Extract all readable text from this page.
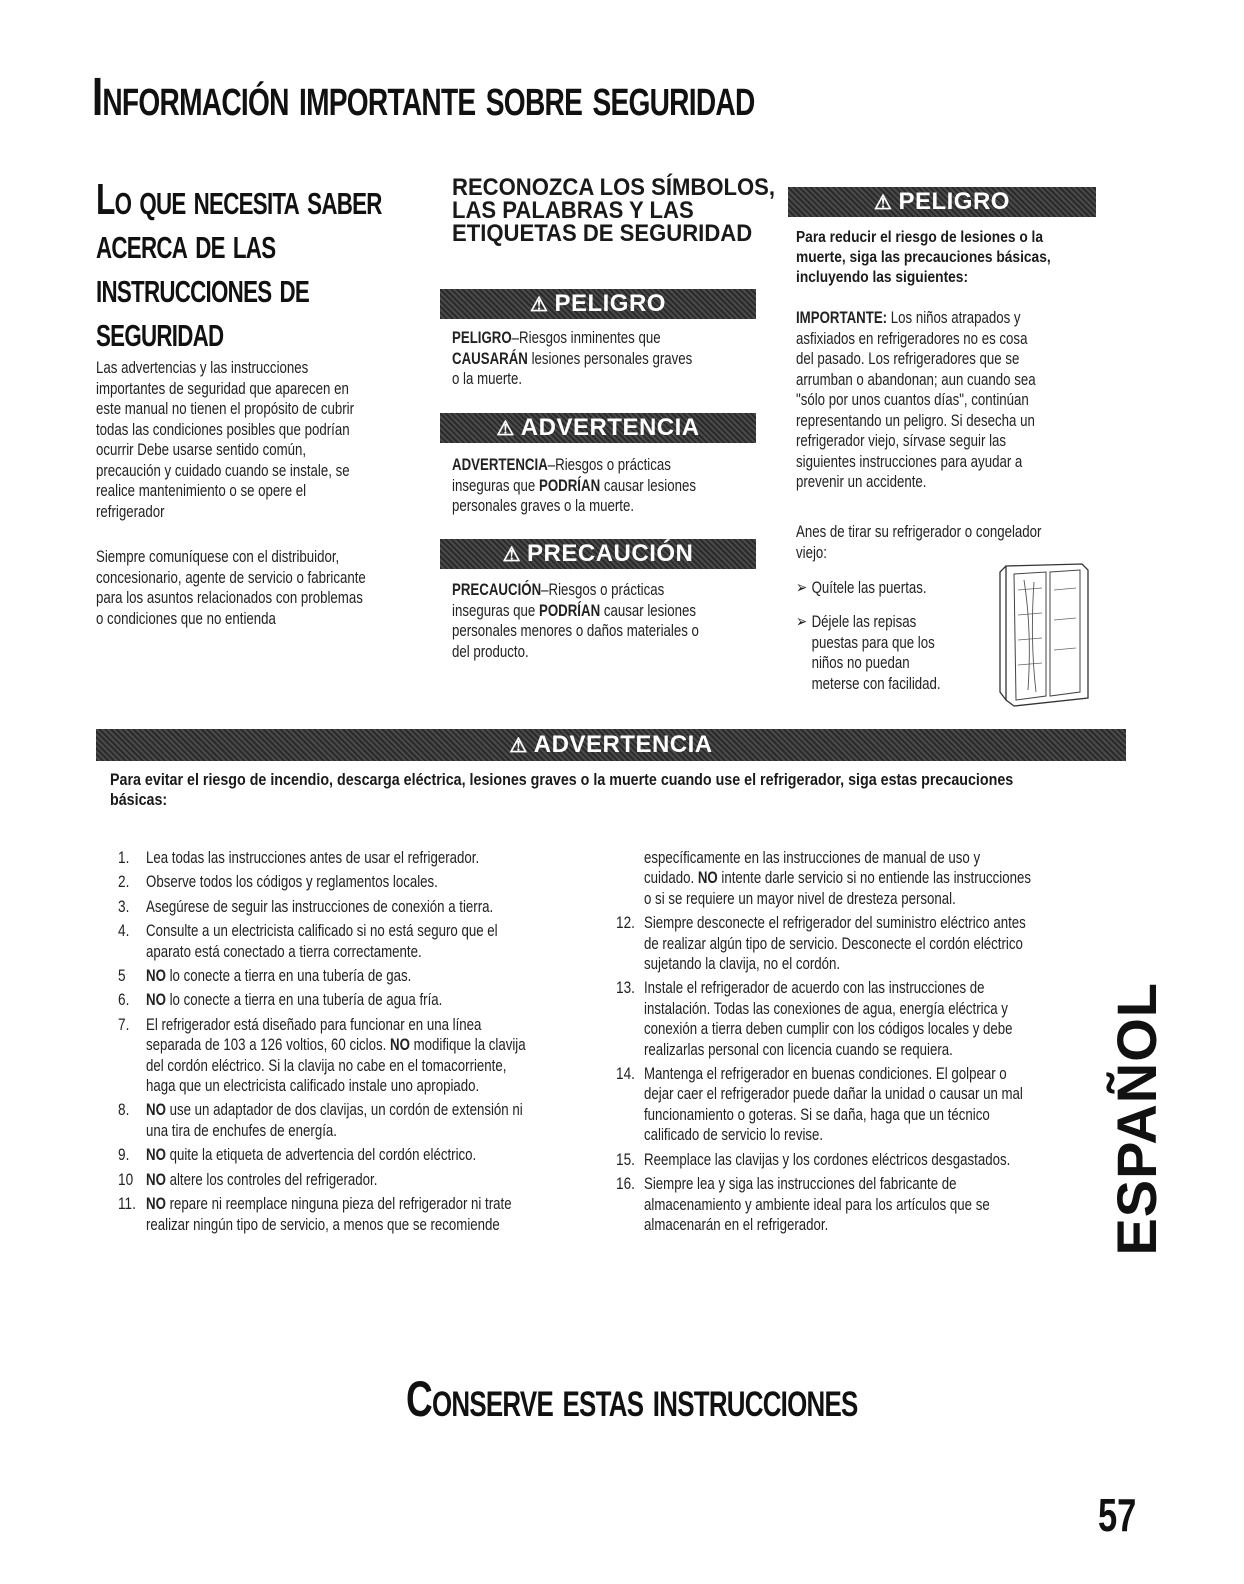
Información importante sobre seguridad
Lo que necesita saber
acerca de las
instrucciones de
seguridad
Las advertencias y las instrucciones
importantes de seguridad que aparecen en
este manual no tienen el propósito de cubrir
todas las condiciones posibles que podrían
ocurrir Debe usarse sentido común,
precaución y cuidado cuando se instale, se
realice mantenimiento o se opere el
refrigerador
Siempre comuníquese con el distribuidor,
concesionario, agente de servicio o fabricante
para los asuntos relacionados con problemas
o condiciones que no entienda
RECONOZCA LOS SÍMBOLOS,
LAS PALABRAS Y LAS
ETIQUETAS DE SEGURIDAD
⚠ PELIGRO
PELIGRO–Riesgos inminentes que
CAUSARÁN lesiones personales graves
o la muerte.
⚠ ADVERTENCIA
ADVERTENCIA–Riesgos o prácticas
inseguras que PODRÍAN causar lesiones
personales graves o la muerte.
⚠ PRECAUCIÓN
PRECAUCIÓN–Riesgos o prácticas
inseguras que PODRÍAN causar lesiones
personales menores o daños materiales o
del producto.
⚠ PELIGRO
Para reducir el riesgo de lesiones o la
muerte, siga las precauciones básicas,
incluyendo las siguientes:
IMPORTANTE: Los niños atrapados y
asfixiados en refrigeradores no es cosa
del pasado. Los refrigeradores que se
arrumban o abandonan; aun cuando sea
"sólo por unos cuantos días", continúan
representando un peligro. Si desecha un
refrigerador viejo, sírvase seguir las
siguientes instrucciones para ayudar a
prevenir un accidente.
Anes de tirar su refrigerador o congelador
viejo:
➢ Quítele las puertas.
➢ Déjele las repisas
puestas para que los
niños no puedan
meterse con facilidad.
⚠ ADVERTENCIA
Para evitar el riesgo de incendio, descarga eléctrica, lesiones graves o la muerte cuando use el refrigerador, siga estas precauciones
básicas:
1. Lea todas las instrucciones antes de usar el refrigerador.
2. Observe todos los códigos y reglamentos locales.
3. Asegúrese de seguir las instrucciones de conexión a tierra.
4. Consulte a un electricista calificado si no está seguro que el
aparato está conectado a tierra correctamente.
5 NO lo conecte a tierra en una tubería de gas.
6. NO lo conecte a tierra en una tubería de agua fría.
7. El refrigerador está diseñado para funcionar en una línea
separada de 103 a 126 voltios, 60 ciclos. NO modifique la clavija
del cordón eléctrico. Si la clavija no cabe en el tomacorriente,
haga que un electricista calificado instale uno apropiado.
8. NO use un adaptador de dos clavijas, un cordón de extensión ni
una tira de enchufes de energía.
9. NO quite la etiqueta de advertencia del cordón eléctrico.
10 NO altere los controles del refrigerador.
11. NO repare ni reemplace ninguna pieza del refrigerador ni trate
realizar ningún tipo de servicio, a menos que se recomiende
específicamente en las instrucciones de manual de uso y
cuidado. NO intente darle servicio si no entiende las instrucciones
o si se requiere un mayor nivel de dresteza personal.
12. Siempre desconecte el refrigerador del suministro eléctrico antes
de realizar algún tipo de servicio. Desconecte el cordón eléctrico
sujetando la clavija, no el cordón.
13. Instale el refrigerador de acuerdo con las instrucciones de
instalación. Todas las conexiones de agua, energía eléctrica y
conexión a tierra deben cumplir con los códigos locales y debe
realizarlas personal con licencia cuando se requiera.
14. Mantenga el refrigerador en buenas condiciones. El golpear o
dejar caer el refrigerador puede dañar la unidad o causar un mal
funcionamiento o goteras. Si se daña, haga que un técnico
calificado de servicio lo revise.
15. Reemplace las clavijas y los cordones eléctricos desgastados.
16. Siempre lea y siga las instrucciones del fabricante de
almacenamiento y ambiente ideal para los artículos que se
almacenarán en el refrigerador.	ESPAÑOL
Conserve estas instrucciones
57
